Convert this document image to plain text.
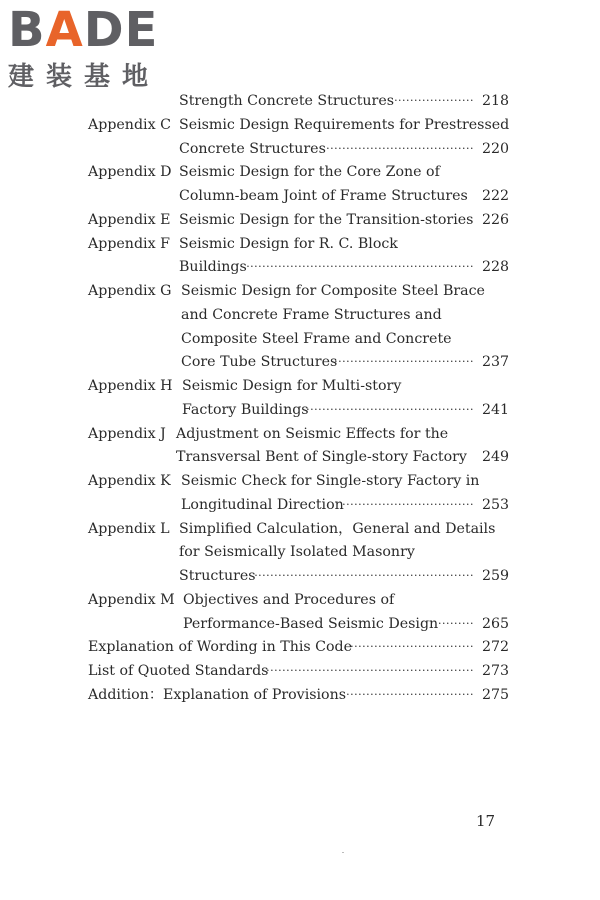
BADE
建装基地
Strength Concrete Structures ···················· 218
Appendix C Seismic Design Requirements for Prestressed
Concrete Structures ····································· 220
Appendix D Seismic Design for the Core Zone of
Column-beam Joint of Frame Structures 222
Appendix E Seismic Design for the Transition-stories 226
Appendix F Seismic Design for R. C. Block
Buildings ························································· 228
Appendix G Seismic Design for Composite Steel Brace
and Concrete Frame Structures and
Composite Steel Frame and Concrete
Core Tube Structures
··································· 237
Appendix H Seismic Design for Multi-story
Factory Buildings
·········································· 241
Appendix J Adjustment on Seismic Effects for the
Transversal Bent of Single-story Factory 249
Appendix K Seismic Check for Single-story Factory in
Longitudinal Direction
································· 253
Appendix L Simplified Calculation，General and Details
for Seismically Isolated Masonry
Structures
······················································· 259
Appendix M Objectives and Procedures of
Performance-Based Seismic Design ········· 265
Explanation of Wording in This Code
······························· 272
List of Quoted Standards
···················································· 273
Addition：Explanation of Provisions ································ 275
17
